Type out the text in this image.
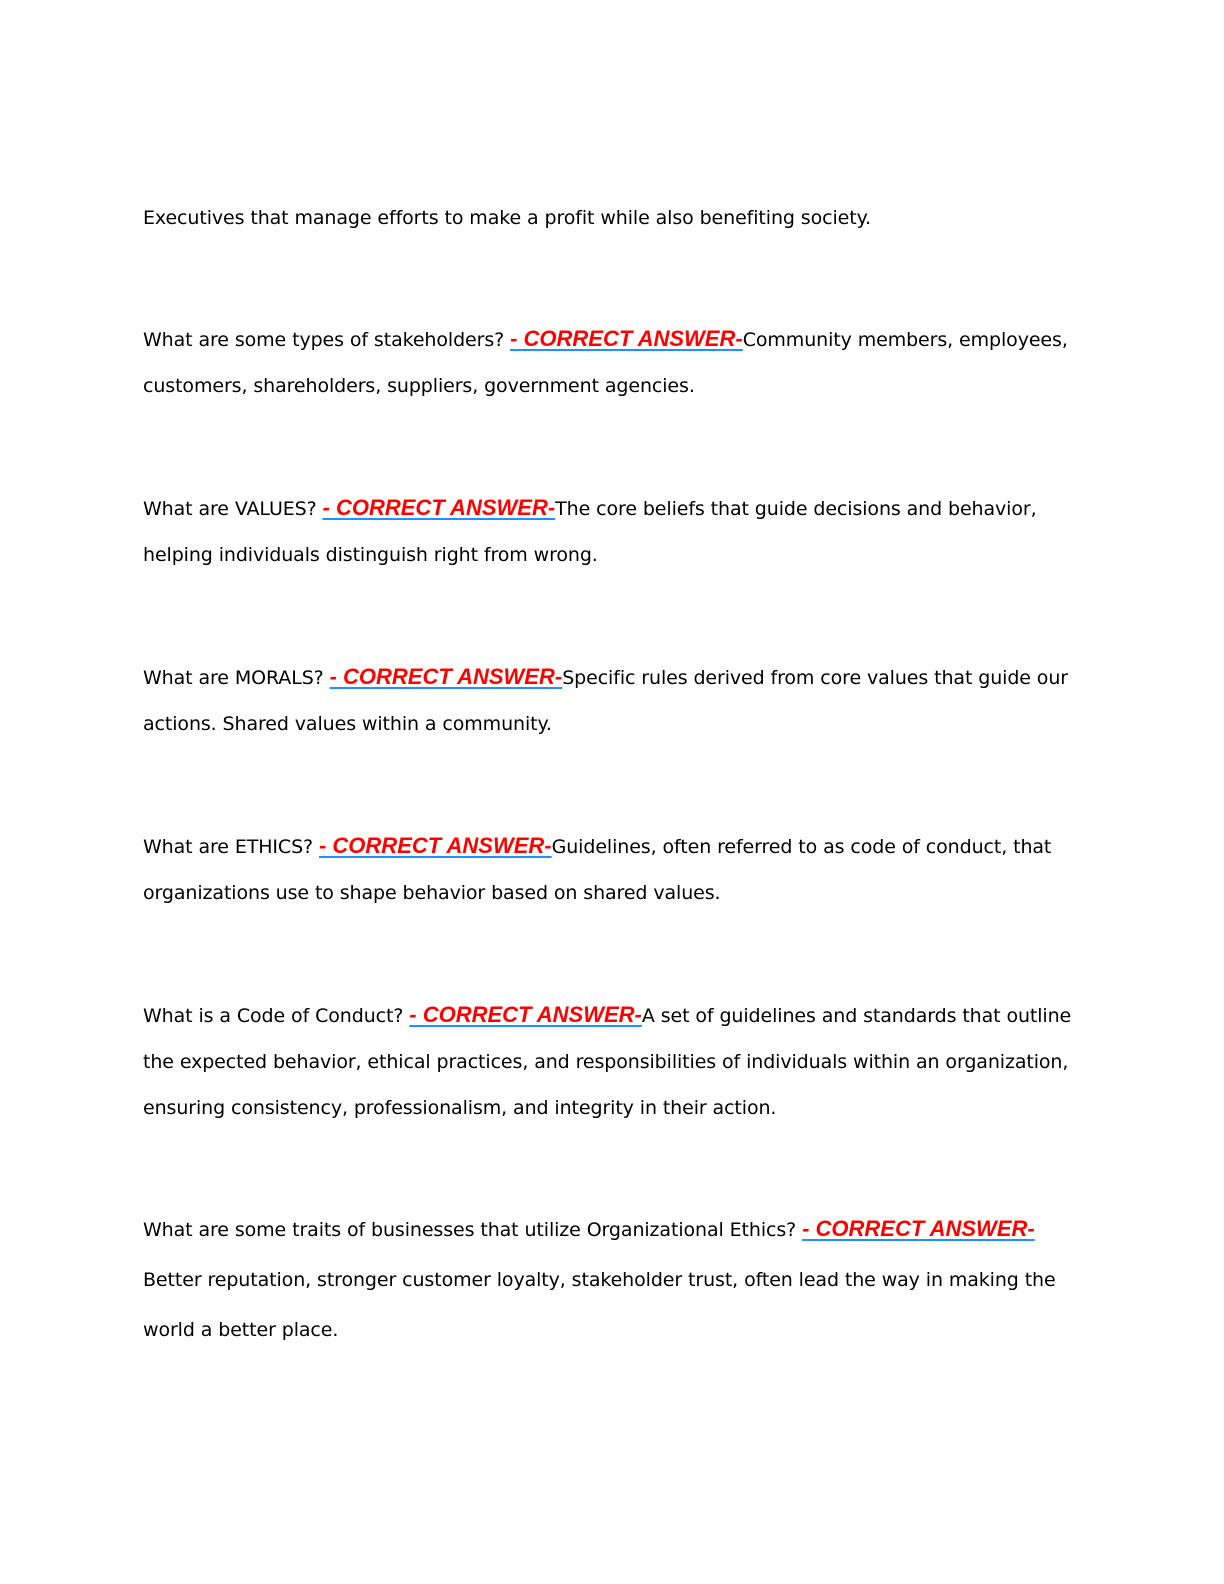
Executives that manage efforts to make a profit while also benefiting society.
What are some types of stakeholders? - CORRECT ANSWER-Community members, employees, customers, shareholders, suppliers, government agencies.
What are VALUES? - CORRECT ANSWER-The core beliefs that guide decisions and behavior, helping individuals distinguish right from wrong.
What are MORALS? - CORRECT ANSWER-Specific rules derived from core values that guide our actions. Shared values within a community.
What are ETHICS? - CORRECT ANSWER-Guidelines, often referred to as code of conduct, that organizations use to shape behavior based on shared values.
What is a Code of Conduct? - CORRECT ANSWER-A set of guidelines and standards that outline the expected behavior, ethical practices, and responsibilities of individuals within an organization, ensuring consistency, professionalism, and integrity in their action.
What are some traits of businesses that utilize Organizational Ethics? - CORRECT ANSWER-Better reputation, stronger customer loyalty, stakeholder trust, often lead the way in making the world a better place.
